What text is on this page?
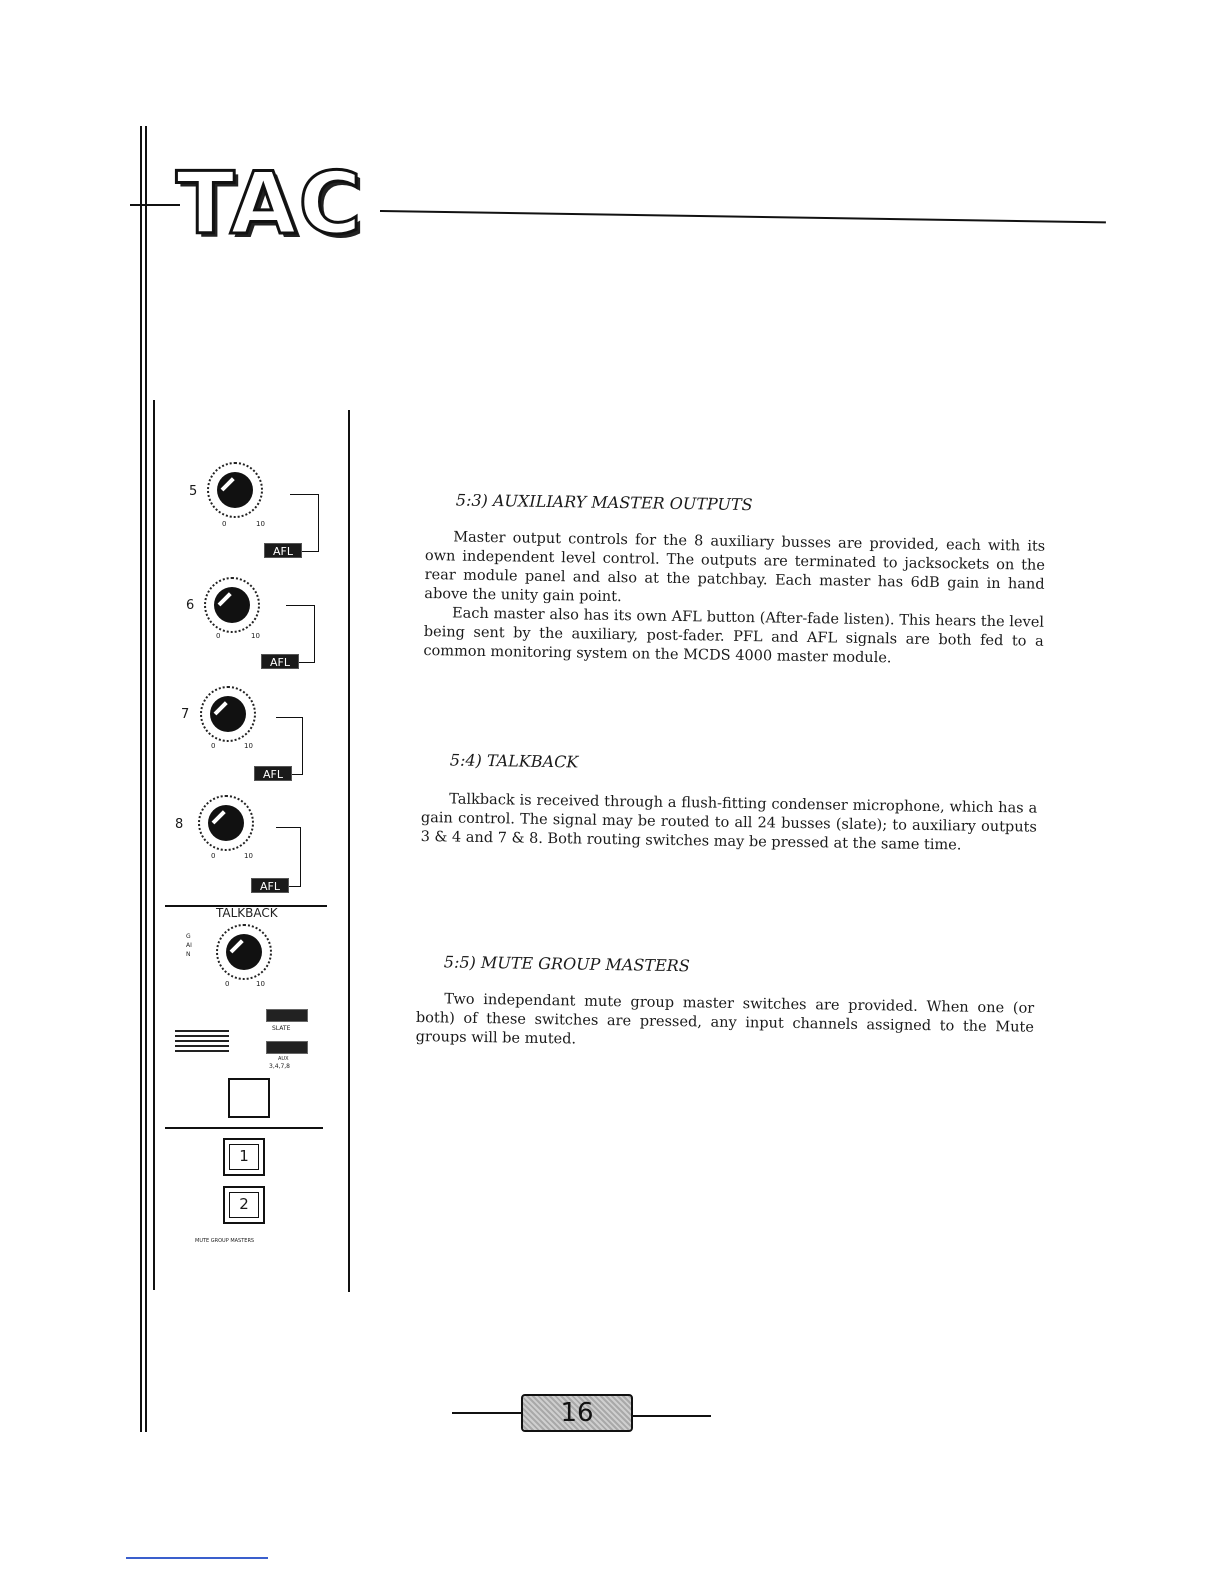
TAC
5
0	10
AFL
6
0	10
AFL
7
0	10
AFL
8
0	10
AFL
TALKBACK
GAIN
0	10
SLATE
AUX
3,4,7,8
1
2
MUTE GROUP MASTERS
5:3) AUXILIARY MASTER OUTPUTS

Master output controls for the 8 auxiliary busses are provided, each with its own independent level control. The outputs are terminated to jacksockets on the rear module panel and also at the patchbay. Each master has 6dB gain in hand above the unity gain point.

Each master also has its own AFL button (After-fade listen). This hears the level being sent by the auxiliary, post-fader. PFL and AFL signals are both fed to a common monitoring system on the MCDS 4000 master module.

5:4) TALKBACK

Talkback is received through a flush-fitting condenser microphone, which has a gain control. The signal may be routed to all 24 busses (slate); to auxiliary outputs 3 & 4 and 7 & 8. Both routing switches may be pressed at the same time.

5:5) MUTE GROUP MASTERS

Two independant mute group master switches are provided. When one (or both) of these switches are pressed, any input channels assigned to the Mute groups will be muted.

16
